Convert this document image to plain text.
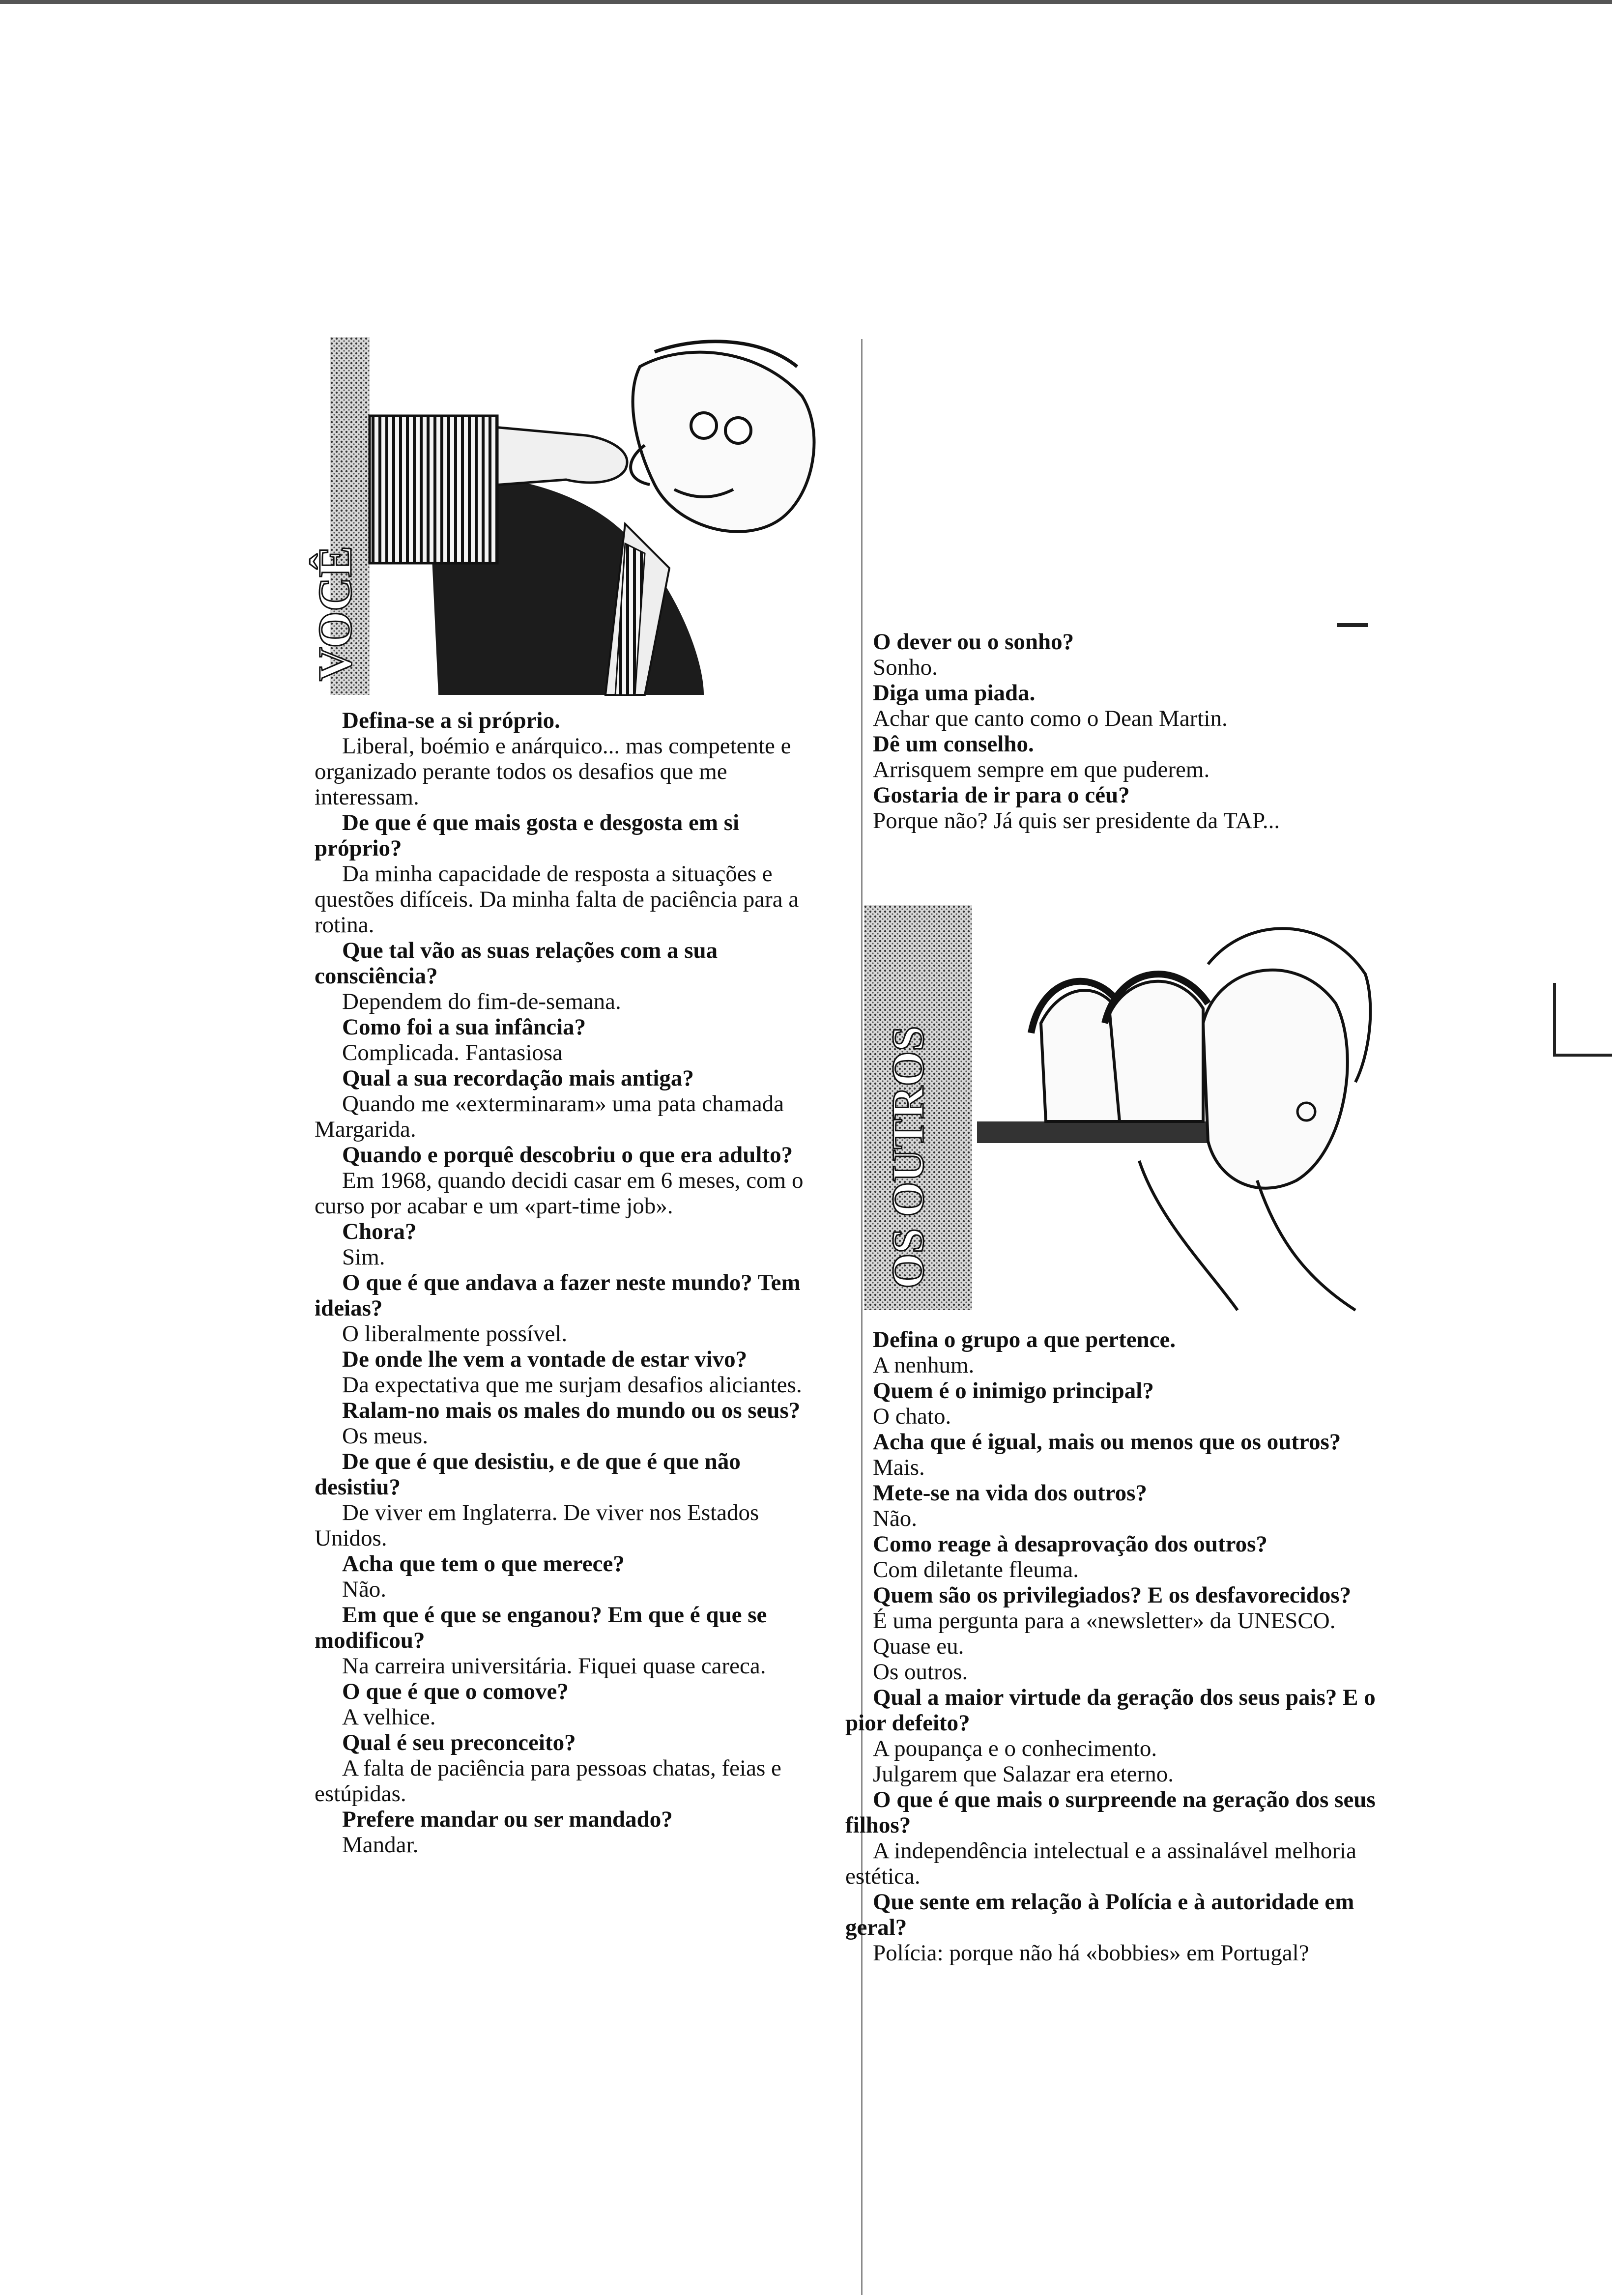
VOCÊ
Defina-se a si próprio.
Liberal, boémio e anárquico... mas competente e organizado perante todos os desafios que me interessam.
De que é que mais gosta e desgosta em si próprio?
Da minha capacidade de resposta a situações e questões difíceis. Da minha falta de paciência para a rotina.
Que tal vão as suas relações com a sua consciência?
Dependem do fim-de-semana.
Como foi a sua infância?
Complicada. Fantasiosa
Qual a sua recordação mais antiga?
Quando me «exterminaram» uma pata chamada Margarida.
Quando e porquê descobriu o que era adulto?
Em 1968, quando decidi casar em 6 meses, com o curso por acabar e um «part-time job».
Chora?
Sim.
O que é que andava a fazer neste mundo? Tem ideias?
O liberalmente possível.
De onde lhe vem a vontade de estar vivo?
Da expectativa que me surjam desafios aliciantes.
Ralam-no mais os males do mundo ou os seus?
Os meus.
De que é que desistiu, e de que é que não desistiu?
De viver em Inglaterra. De viver nos Estados Unidos.
Acha que tem o que merece?
Não.
Em que é que se enganou? Em que é que se modificou?
Na carreira universitária. Fiquei quase careca.
O que é que o comove?
A velhice.
Qual é seu preconceito?
A falta de paciência para pessoas chatas, feias e estúpidas.
Prefere mandar ou ser mandado?
Mandar.
O dever ou o sonho?
Sonho.
Diga uma piada.
Achar que canto como o Dean Martin.
Dê um conselho.
Arrisquem sempre em que puderem.
Gostaria de ir para o céu?
Porque não? Já quis ser presidente da TAP...
OS OUTROS
Defina o grupo a que pertence.
A nenhum.
Quem é o inimigo principal?
O chato.
Acha que é igual, mais ou menos que os outros?
Mais.
Mete-se na vida dos outros?
Não.
Como reage à desaprovação dos outros?
Com diletante fleuma.
Quem são os privilegiados? E os desfavorecidos?
É uma pergunta para a «newsletter» da UNESCO.
Quase eu.
Os outros.
Qual a maior virtude da geração dos seus pais? E o pior defeito?
A poupança e o conhecimento.
Julgarem que Salazar era eterno.
O que é que mais o surpreende na geração dos seus filhos?
A independência intelectual e a assinalável melhoria estética.
Que sente em relação à Polícia e à autoridade em geral?
Polícia: porque não há «bobbies» em Portugal?
